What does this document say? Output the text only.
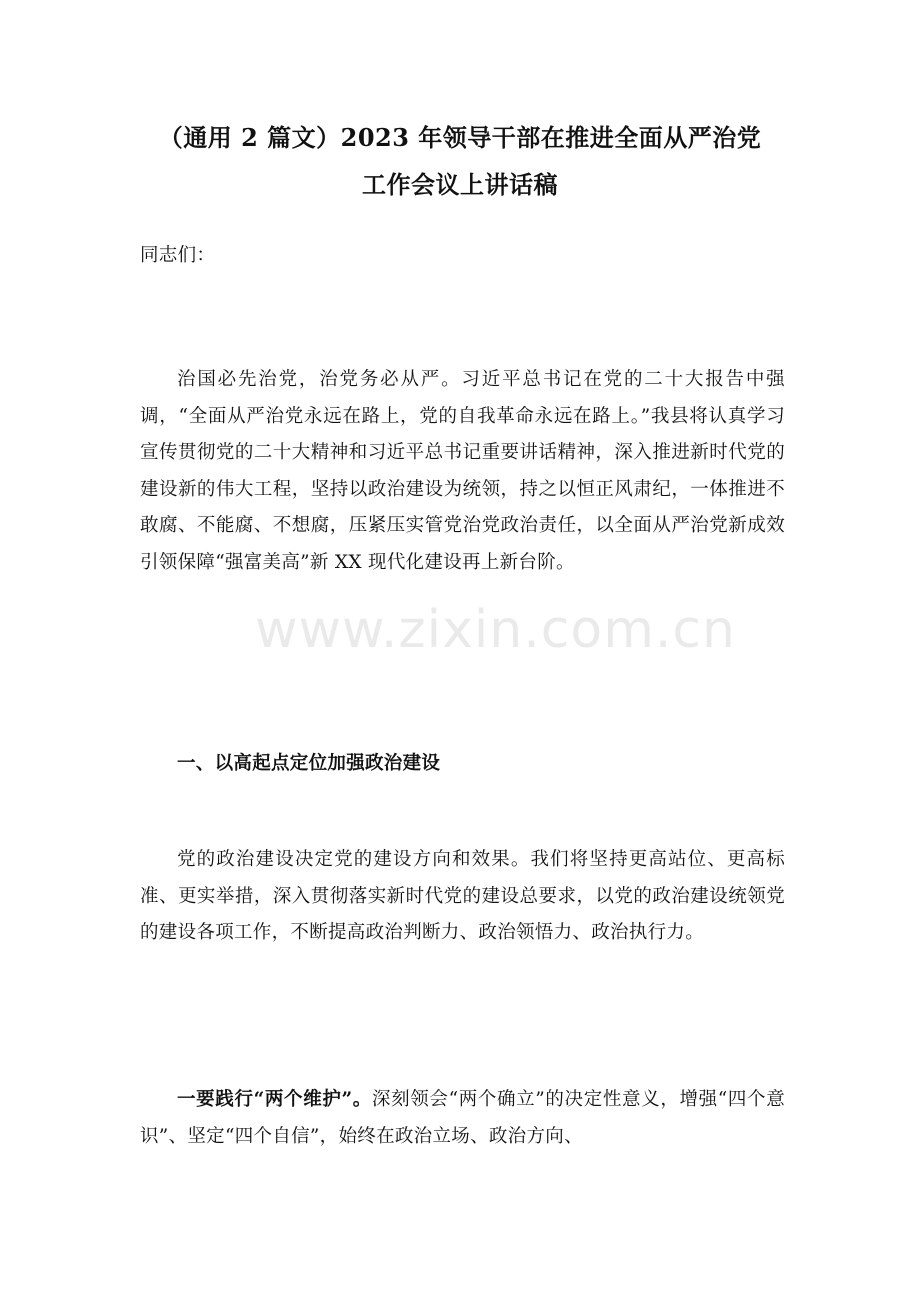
（通用 2 篇文）2023 年领导干部在推进全面从严治党
工作会议上讲话稿
同志们：
治国必先治党，治党务必从严。习近平总书记在党的二十大报告中强调，“全面从严治党永远在路上，党的自我革命永远在路上。”我县将认真学习宣传贯彻党的二十大精神和习近平总书记重要讲话精神，深入推进新时代党的建设新的伟大工程，坚持以政治建设为统领，持之以恒正风肃纪，一体推进不敢腐、不能腐、不想腐，压紧压实管党治党政治责任，以全面从严治党新成效引领保障“强富美高”新 XX 现代化建设再上新台阶。
一、以高起点定位加强政治建设
党的政治建设决定党的建设方向和效果。我们将坚持更高站位、更高标准、更实举措，深入贯彻落实新时代党的建设总要求，以党的政治建设统领党的建设各项工作，不断提高政治判断力、政治领悟力、政治执行力。
一要践行“两个维护”。深刻领会“两个确立”的决定性意义，增强“四个意识”、坚定“四个自信”，始终在政治立场、政治方向、
www.zixin.com.cn
